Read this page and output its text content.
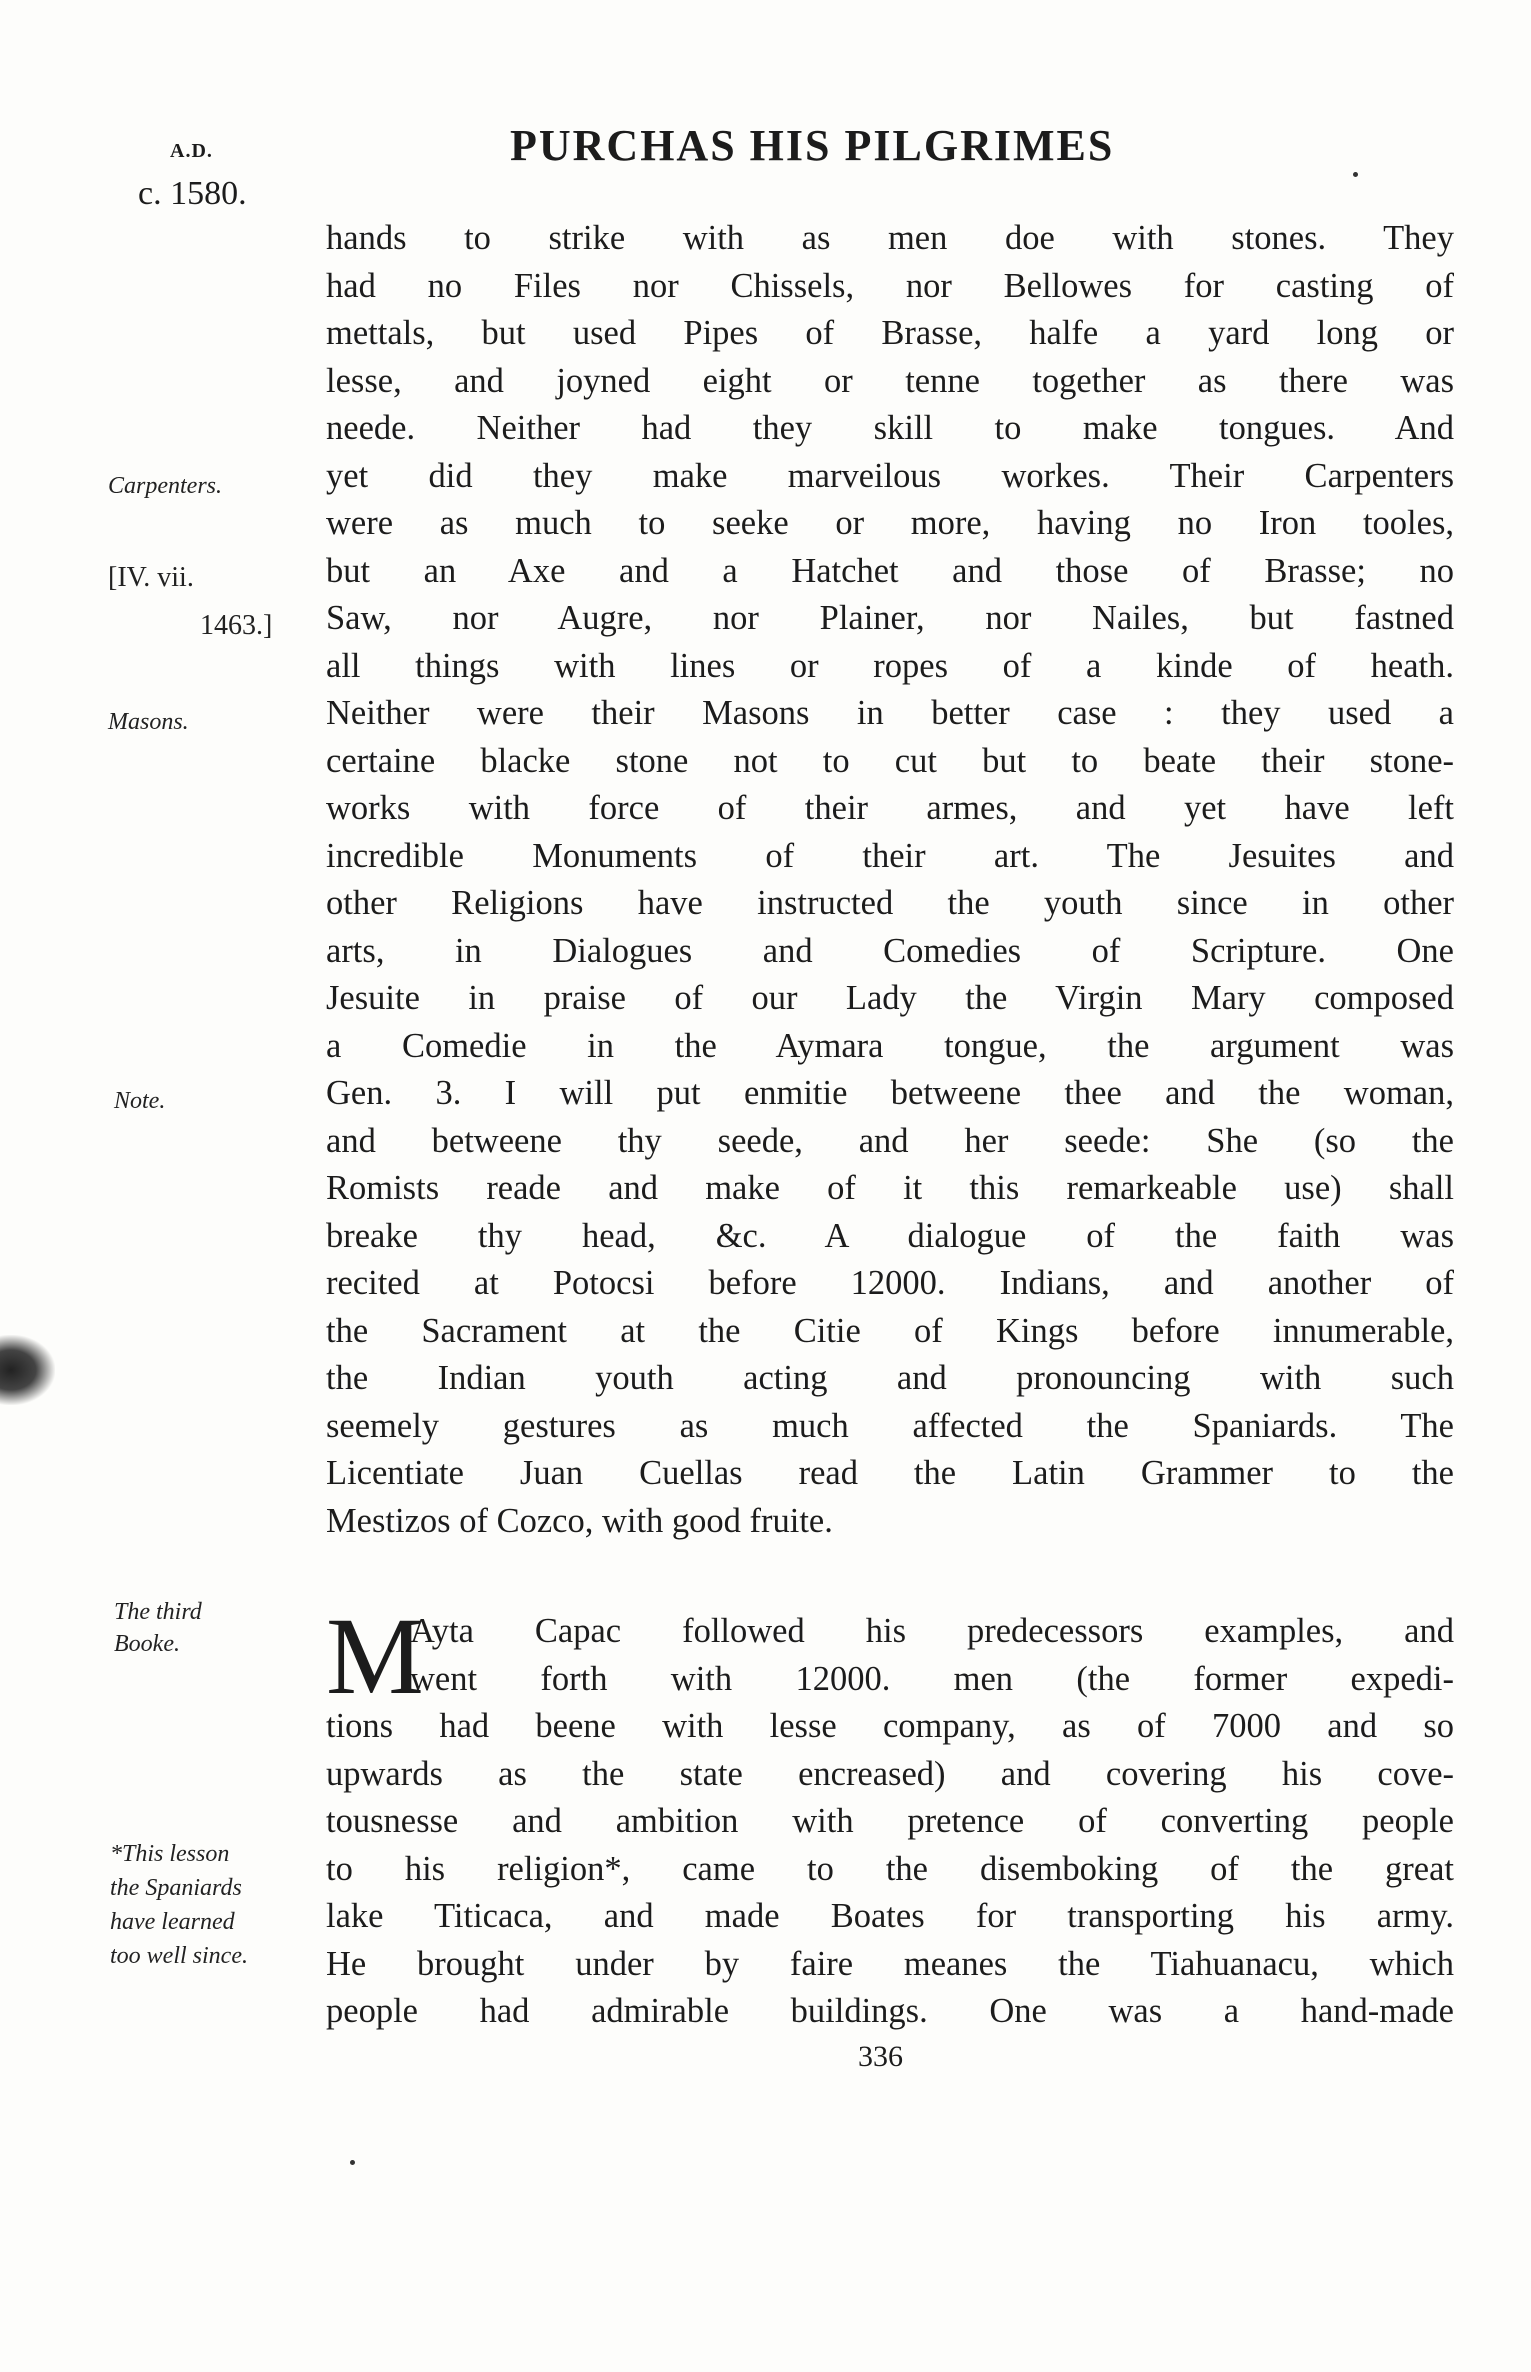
A.D.
c. 1580.
PURCHAS HIS PILGRIMES
Carpenters.
[IV. vii.
1463.]
Masons.
Note.
The third
Booke.
*This lesson
the Spaniards
have learned
too well since.
hands to strike with as men doe with stones. They
had no Files nor Chissels, nor Bellowes for casting of
mettals, but used Pipes of Brasse, halfe a yard long or
lesse, and joyned eight or tenne together as there was
neede. Neither had they skill to make tongues. And
yet did they make marveilous workes. Their Carpenters
were as much to seeke or more, having no Iron tooles,
but an Axe and a Hatchet and those of Brasse; no
Saw, nor Augre, nor Plainer, nor Nailes, but fastned
all things with lines or ropes of a kinde of heath.
Neither were their Masons in better case : they used a
certaine blacke stone not to cut but to beate their stone-
works with force of their armes, and yet have left
incredible Monuments of their art. The Jesuites and
other Religions have instructed the youth since in other
arts, in Dialogues and Comedies of Scripture. One
Jesuite in praise of our Lady the Virgin Mary composed
a Comedie in the Aymara tongue, the argument was
Gen. 3. I will put enmitie betweene thee and the woman,
and betweene thy seede, and her seede: She (so the
Romists reade and make of it this remarkeable use) shall
breake thy head, &c. A dialogue of the faith was
recited at Potocsi before 12000. Indians, and another of
the Sacrament at the Citie of Kings before innumerable,
the Indian youth acting and pronouncing with such
seemely gestures as much affected the Spaniards. The
Licentiate Juan Cuellas read the Latin Grammer to the
Mestizos of Cozco, with good fruite.
M
Ayta Capac followed his predecessors examples, and
went forth with 12000. men (the former expedi-
tions had beene with lesse company, as of 7000 and so
upwards as the state encreased) and covering his cove-
tousnesse and ambition with pretence of converting people
to his religion*, came to the disemboking of the great
lake Titicaca, and made Boates for transporting his army.
He brought under by faire meanes the Tiahuanacu, which
people had admirable buildings. One was a hand-made
336
